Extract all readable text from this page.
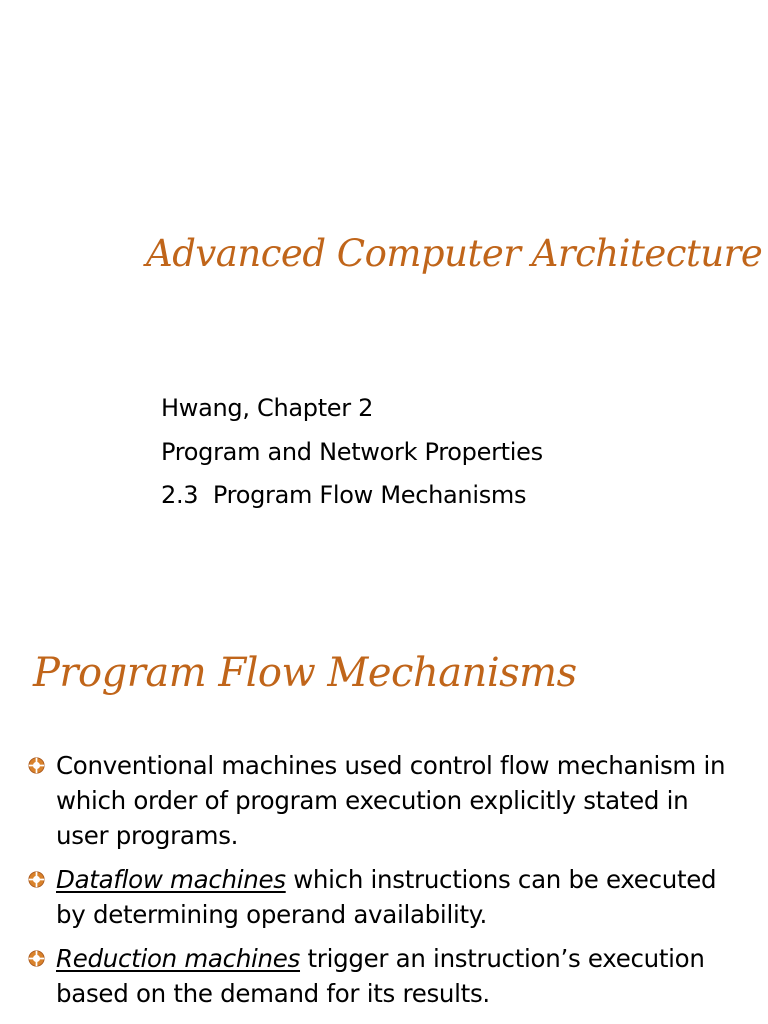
Advanced Computer Architecture
Hwang, Chapter 2
Program and Network Properties
2.3  Program Flow Mechanisms
Program Flow Mechanisms
Conventional machines used control flow mechanism in which order of program execution explicitly stated in user programs.
Dataflow machines which instructions can be executed by determining operand availability.
Reduction machines trigger an instruction’s execution based on the demand for its results.
